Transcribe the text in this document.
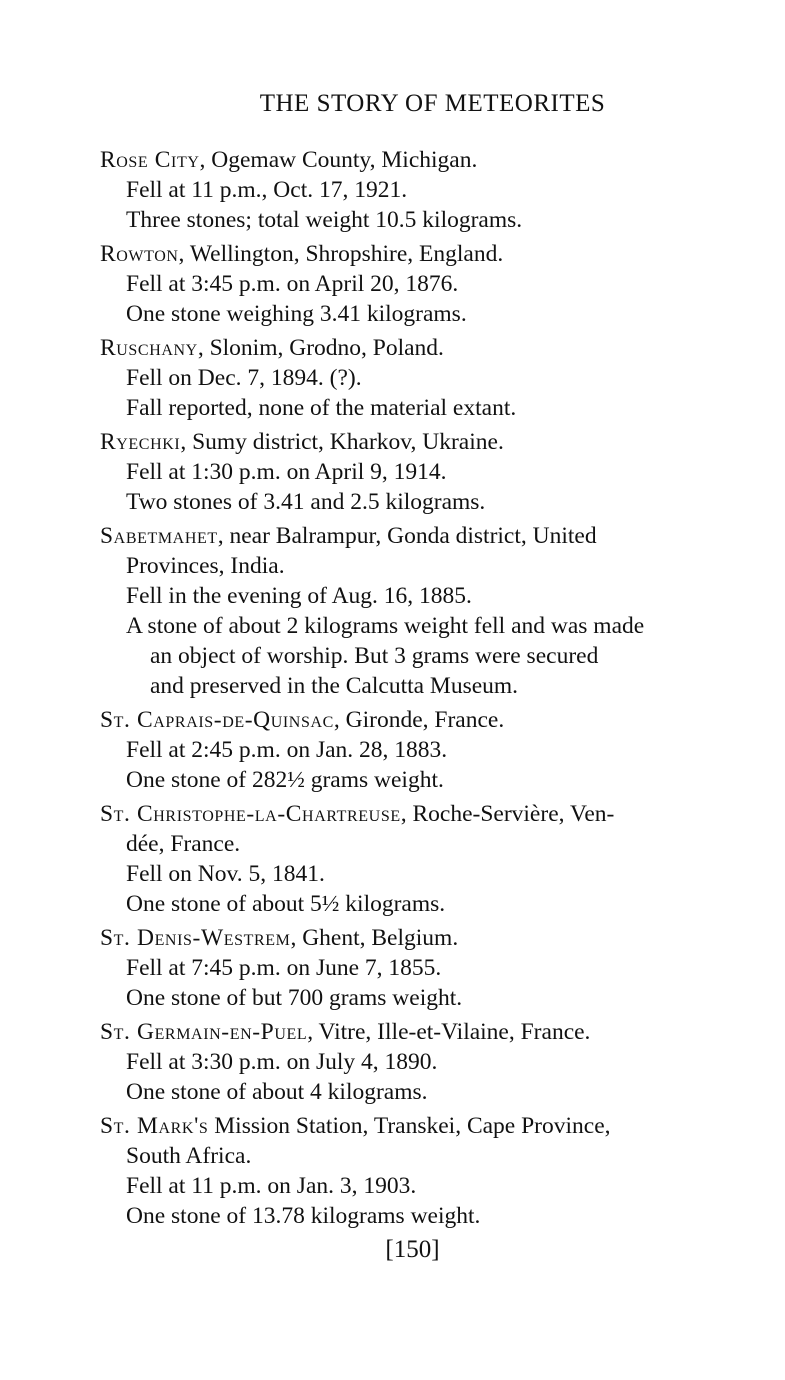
THE STORY OF METEORITES
Rose City, Ogemaw County, Michigan.
Fell at 11 p.m., Oct. 17, 1921.
Three stones; total weight 10.5 kilograms.
Rowton, Wellington, Shropshire, England.
Fell at 3:45 p.m. on April 20, 1876.
One stone weighing 3.41 kilograms.
Ruschany, Slonim, Grodno, Poland.
Fell on Dec. 7, 1894. (?).
Fall reported, none of the material extant.
Ryechki, Sumy district, Kharkov, Ukraine.
Fell at 1:30 p.m. on April 9, 1914.
Two stones of 3.41 and 2.5 kilograms.
Sabetmahet, near Balrampur, Gonda district, United
Provinces, India.
Fell in the evening of Aug. 16, 1885.
A stone of about 2 kilograms weight fell and was made
an object of worship. But 3 grams were secured
and preserved in the Calcutta Museum.
St. Caprais-de-Quinsac, Gironde, France.
Fell at 2:45 p.m. on Jan. 28, 1883.
One stone of 282½ grams weight.
St. Christophe-la-Chartreuse, Roche-Servière, Ven-
dée, France.
Fell on Nov. 5, 1841.
One stone of about 5½ kilograms.
St. Denis-Westrem, Ghent, Belgium.
Fell at 7:45 p.m. on June 7, 1855.
One stone of but 700 grams weight.
St. Germain-en-Puel, Vitre, Ille-et-Vilaine, France.
Fell at 3:30 p.m. on July 4, 1890.
One stone of about 4 kilograms.
St. Mark's Mission Station, Transkei, Cape Province,
South Africa.
Fell at 11 p.m. on Jan. 3, 1903.
One stone of 13.78 kilograms weight.
[150]
